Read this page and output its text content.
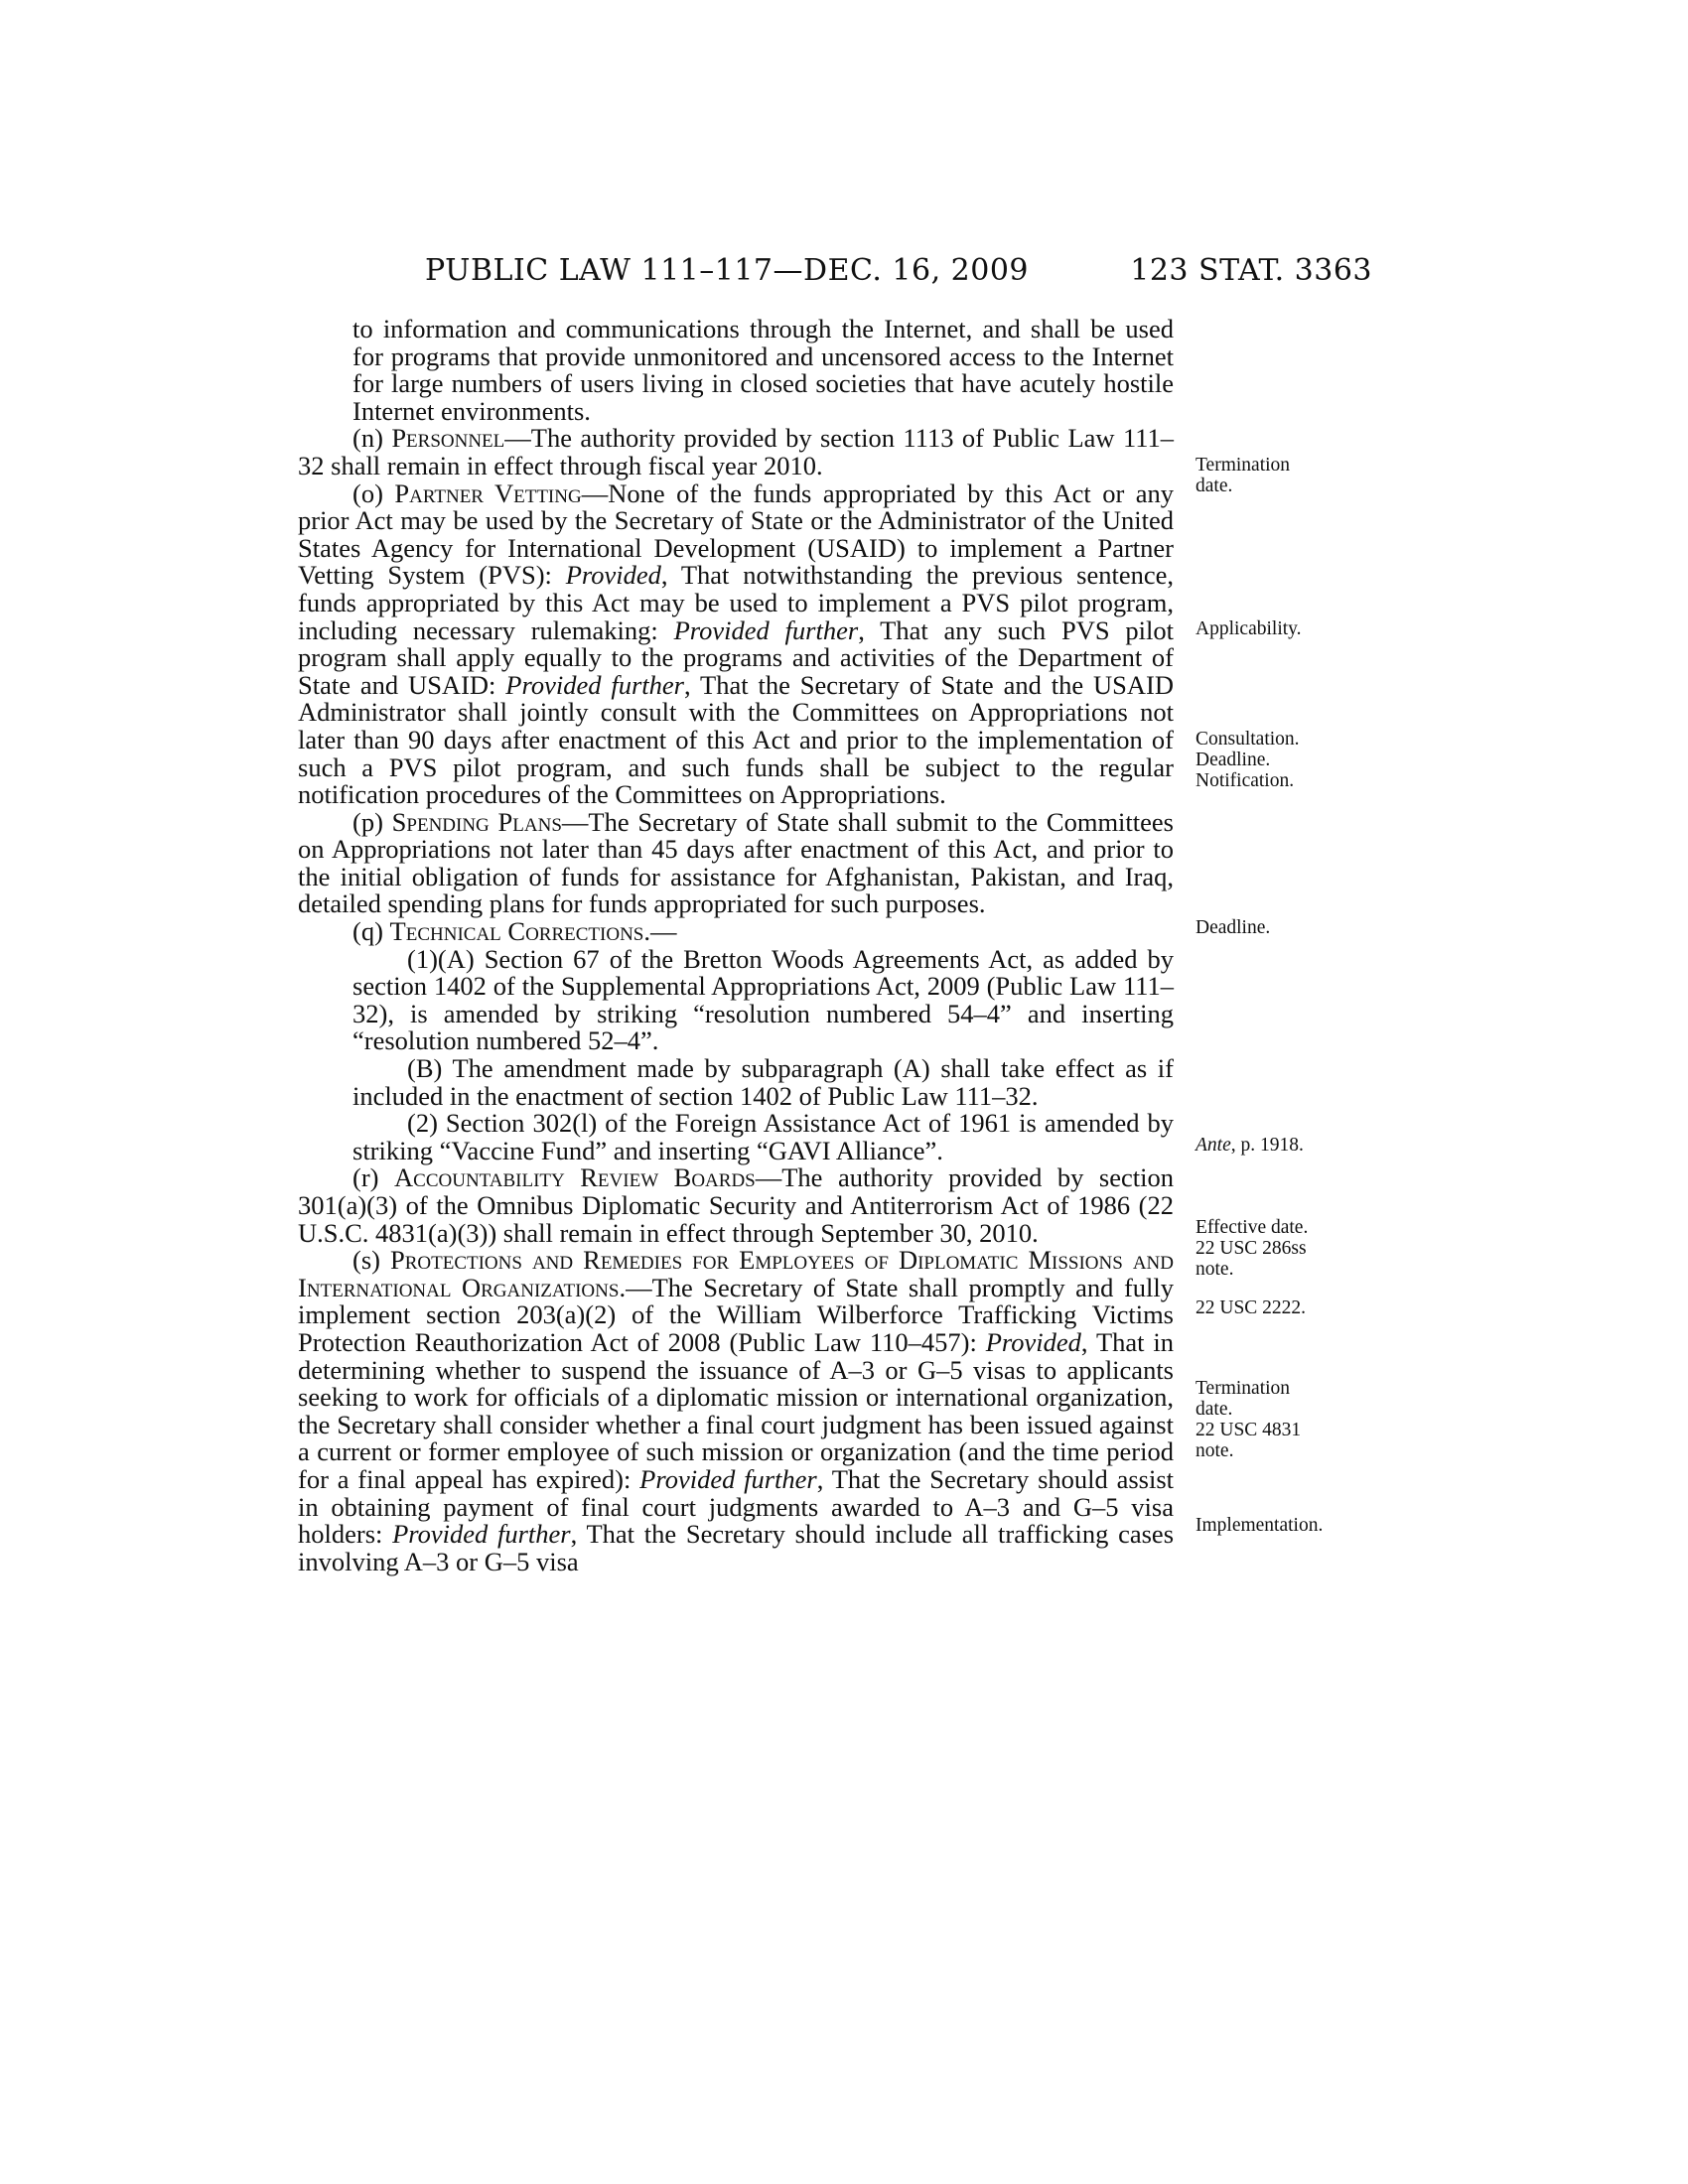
PUBLIC LAW 111–117—DEC. 16, 2009	123 STAT. 3363

to information and communications through the Internet, and shall be used for programs that provide unmonitored and uncensored access to the Internet for large numbers of users living in closed societies that have acutely hostile Internet environments.

(n) Personnel—The authority provided by section 1113 of Public Law 111–32 shall remain in effect through fiscal year 2010.

(o) Partner Vetting—None of the funds appropriated by this Act or any prior Act may be used by the Secretary of State or the Administrator of the United States Agency for International Development (USAID) to implement a Partner Vetting System (PVS): Provided, That notwithstanding the previous sentence, funds appropriated by this Act may be used to implement a PVS pilot program, including necessary rulemaking: Provided further, That any such PVS pilot program shall apply equally to the programs and activities of the Department of State and USAID: Provided further, That the Secretary of State and the USAID Administrator shall jointly consult with the Committees on Appropriations not later than 90 days after enactment of this Act and prior to the implementation of such a PVS pilot program, and such funds shall be subject to the regular notification procedures of the Committees on Appropriations.

(p) Spending Plans—The Secretary of State shall submit to the Committees on Appropriations not later than 45 days after enactment of this Act, and prior to the initial obligation of funds for assistance for Afghanistan, Pakistan, and Iraq, detailed spending plans for funds appropriated for such purposes.

(q) Technical Corrections.—

(1)(A) Section 67 of the Bretton Woods Agreements Act, as added by section 1402 of the Supplemental Appropriations Act, 2009 (Public Law 111–32), is amended by striking “resolution numbered 54–4” and inserting “resolution numbered 52–4”.

(B) The amendment made by subparagraph (A) shall take effect as if included in the enactment of section 1402 of Public Law 111–32.

(2) Section 302(l) of the Foreign Assistance Act of 1961 is amended by striking “Vaccine Fund” and inserting “GAVI Alliance”.

(r) Accountability Review Boards—The authority provided by section 301(a)(3) of the Omnibus Diplomatic Security and Antiterrorism Act of 1986 (22 U.S.C. 4831(a)(3)) shall remain in effect through September 30, 2010.

(s) Protections and Remedies for Employees of Diplomatic Missions and International Organizations.—The Secretary of State shall promptly and fully implement section 203(a)(2) of the William Wilberforce Trafficking Victims Protection Reauthorization Act of 2008 (Public Law 110–457): Provided, That in determining whether to suspend the issuance of A–3 or G–5 visas to applicants seeking to work for officials of a diplomatic mission or international organization, the Secretary shall consider whether a final court judgment has been issued against a current or former employee of such mission or organization (and the time period for a final appeal has expired): Provided further, That the Secretary should assist in obtaining payment of final court judgments awarded to A–3 and G–5 visa holders: Provided further, That the Secretary should include all trafficking cases involving A–3 or G–5 visa

Termination
date.
Applicability.
Consultation.
Deadline.
Notification.
Deadline.
Ante, p. 1918.
Effective date.
22 USC 286ss
note.
22 USC 2222.
Termination
date.
22 USC 4831
note.
Implementation.
